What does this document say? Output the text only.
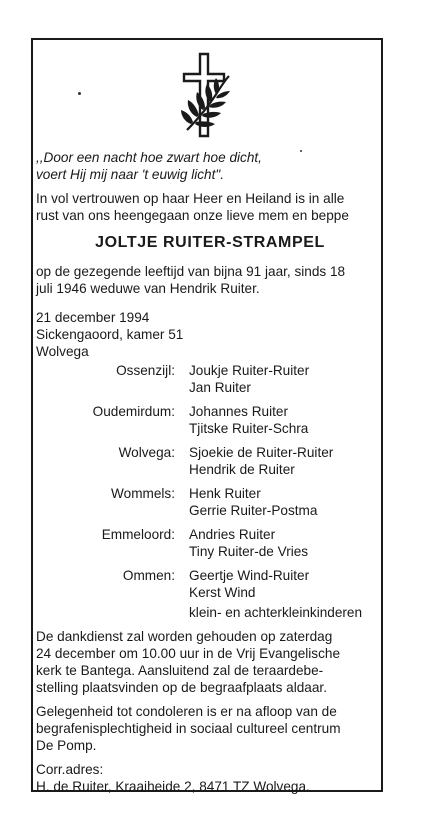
,,Door een nacht hoe zwart hoe dicht,
voert Hij mij naar 't euwig licht".
In vol vertrouwen op haar Heer en Heiland is in alle
rust van ons heengegaan onze lieve mem en beppe
JOLTJE RUITER-STRAMPEL
op de gezegende leeftijd van bijna 91 jaar, sinds 18
juli 1946 weduwe van Hendrik Ruiter.
21 december 1994
Sickengaoord, kamer 51
Wolvega
Ossenzijl: Joukje Ruiter-Ruiter
Jan Ruiter
Oudemirdum: Johannes Ruiter
Tjitske Ruiter-Schra
Wolvega: Sjoekie de Ruiter-Ruiter
Hendrik de Ruiter
Wommels: Henk Ruiter
Gerrie Ruiter-Postma
Emmeloord: Andries Ruiter
Tiny Ruiter-de Vries
Ommen: Geertje Wind-Ruiter
Kerst Wind
klein- en achterkleinkinderen
De dankdienst zal worden gehouden op zaterdag
24 december om 10.00 uur in de Vrij Evangelische
kerk te Bantega. Aansluitend zal de teraardebe-
stelling plaatsvinden op de begraafplaats aldaar.
Gelegenheid tot condoleren is er na afloop van de
begrafenisplechtigheid in sociaal cultureel centrum
De Pomp.
Corr.adres:
H. de Ruiter, Kraaiheide 2, 8471 TZ Wolvega.
